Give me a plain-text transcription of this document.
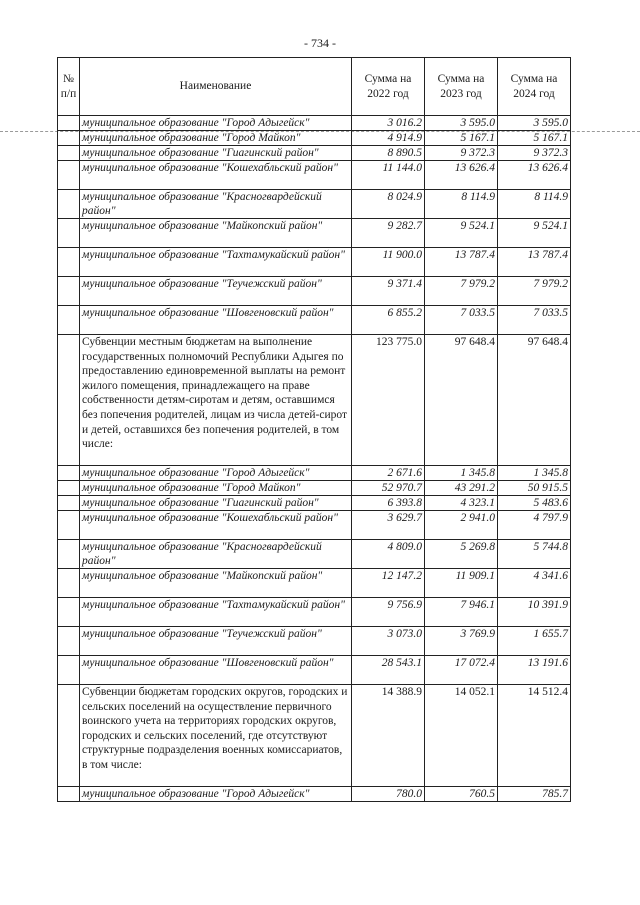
- 734 -
№ п/п	Наименование	Сумма на 2022 год	Сумма на 2023 год	Сумма на 2024 год
	муниципальное образование "Город Адыгейск"	3 016.2	3 595.0	3 595.0
	муниципальное образование "Город Майкоп"	4 914.9	5 167.1	5 167.1
	муниципальное образование "Гиагинский район"	8 890.5	9 372.3	9 372.3
	муниципальное образование "Кошехабльский район"	11 144.0	13 626.4	13 626.4
	муниципальное образование "Красногвардейский район"	8 024.9	8 114.9	8 114.9
	муниципальное образование "Майкопский район"	9 282.7	9 524.1	9 524.1
	муниципальное образование "Тахтамукайский район"	11 900.0	13 787.4	13 787.4
	муниципальное образование "Теучежский район"	9 371.4	7 979.2	7 979.2
	муниципальное образование "Шовгеновский район"	6 855.2	7 033.5	7 033.5
	Субвенции местным бюджетам на выполнение государственных полномочий Республики Адыгея по предоставлению единовременной выплаты на ремонт жилого помещения, принадлежащего на праве собственности детям-сиротам и детям, оставшимся без попечения родителей, лицам из числа детей-сирот и детей, оставшихся без попечения родителей, в том числе:	123 775.0	97 648.4	97 648.4
	муниципальное образование "Город Адыгейск"	2 671.6	1 345.8	1 345.8
	муниципальное образование "Город Майкоп"	52 970.7	43 291.2	50 915.5
	муниципальное образование "Гиагинский район"	6 393.8	4 323.1	5 483.6
	муниципальное образование "Кошехабльский район"	3 629.7	2 941.0	4 797.9
	муниципальное образование "Красногвардейский район"	4 809.0	5 269.8	5 744.8
	муниципальное образование "Майкопский район"	12 147.2	11 909.1	4 341.6
	муниципальное образование "Тахтамукайский район"	9 756.9	7 946.1	10 391.9
	муниципальное образование "Теучежский район"	3 073.0	3 769.9	1 655.7
	муниципальное образование "Шовгеновский район"	28 543.1	17 072.4	13 191.6
	Субвенции бюджетам городских округов, городских и сельских поселений на осуществление первичного воинского учета на территориях городских округов, городских и сельских поселений, где отсутствуют структурные подразделения военных комиссариатов, в том числе:	14 388.9	14 052.1	14 512.4
	муниципальное образование "Город Адыгейск"	780.0	760.5	785.7
